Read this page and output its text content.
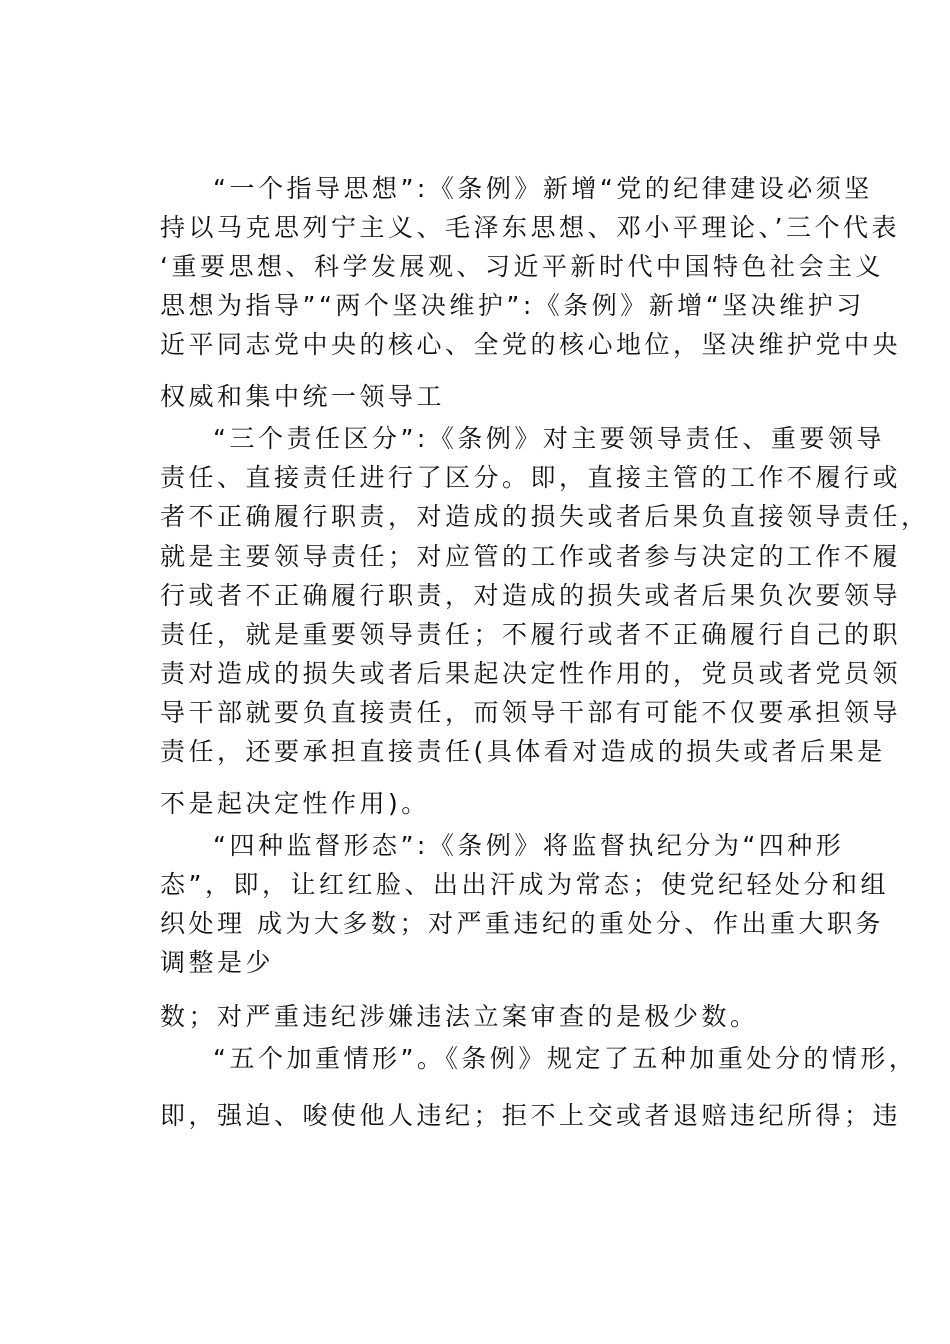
“一个指导思想”:《条例》新增“党的纪律建设必须坚
持以马克思列宁主义、毛泽东思想、邓小平理论、’三个代表
‘重要思想、科学发展观、习近平新时代中国特色社会主义
思想为指导”“两个坚决维护”:《条例》新增“坚决维护习
近平同志党中央的核心、全党的核心地位，坚决维护党中央
权威和集中统一领导工
“三个责任区分”:《条例》对主要领导责任、重要领导
责任、直接责任进行了区分。即，直接主管的工作不履行或
者不正确履行职责，对造成的损失或者后果负直接领导责任，
就是主要领导责任；对应管的工作或者参与决定的工作不履
行或者不正确履行职责，对造成的损失或者后果负次要领导
责任，就是重要领导责任；不履行或者不正确履行自己的职
责对造成的损失或者后果起决定性作用的，党员或者党员领
导干部就要负直接责任，而领导干部有可能不仅要承担领导
责任，还要承担直接责任(具体看对造成的损失或者后果是
不是起决定性作用)。
“四种监督形态”:《条例》将监督执纪分为“四种形
态”，即，让红红脸、出出汗成为常态；使党纪轻处分和组
织处理 成为大多数；对严重违纪的重处分、作出重大职务
调整是少
数；对严重违纪涉嫌违法立案审查的是极少数。
“五个加重情形”。《条例》规定了五种加重处分的情形，
即，强迫、唆使他人违纪；拒不上交或者退赔违纪所得；违
